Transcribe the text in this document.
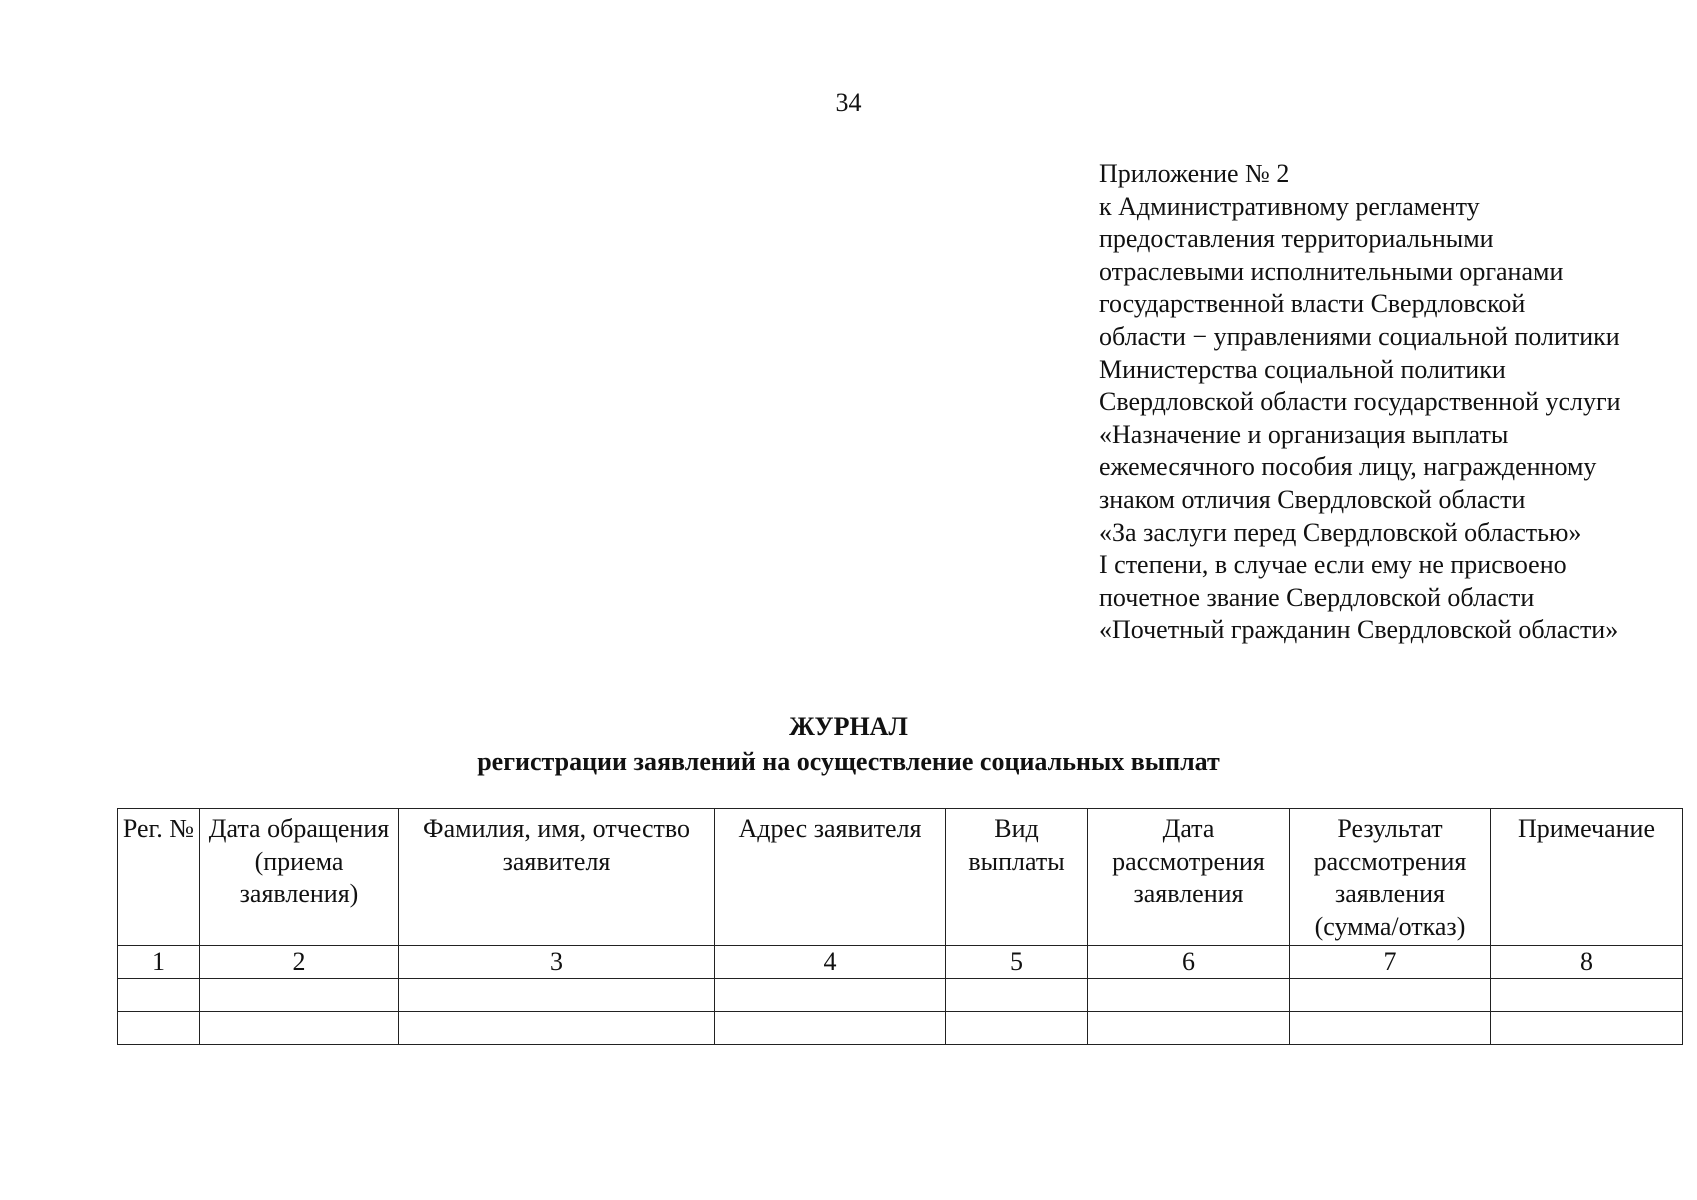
34
Приложение № 2
к Административному регламенту
предоставления территориальными
отраслевыми исполнительными органами
государственной власти Свердловской
области − управлениями социальной политики
Министерства социальной политики
Свердловской области государственной услуги
«Назначение и организация выплаты
ежемесячного пособия лицу, награжденному
знаком отличия Свердловской области
«За заслуги перед Свердловской областью»
I степени, в случае если ему не присвоено
почетное звание Свердловской области
«Почетный гражданин Свердловской области»
ЖУРНАЛ
регистрации заявлений на осуществление социальных выплат
Рег. №	Дата обращения (приема заявления)	Фамилия, имя, отчество заявителя	Адрес заявителя	Вид выплаты	Дата рассмотрения заявления	Результат рассмотрения заявления (сумма/отказ)	Примечание
1	2	3	4	5	6	7	8
